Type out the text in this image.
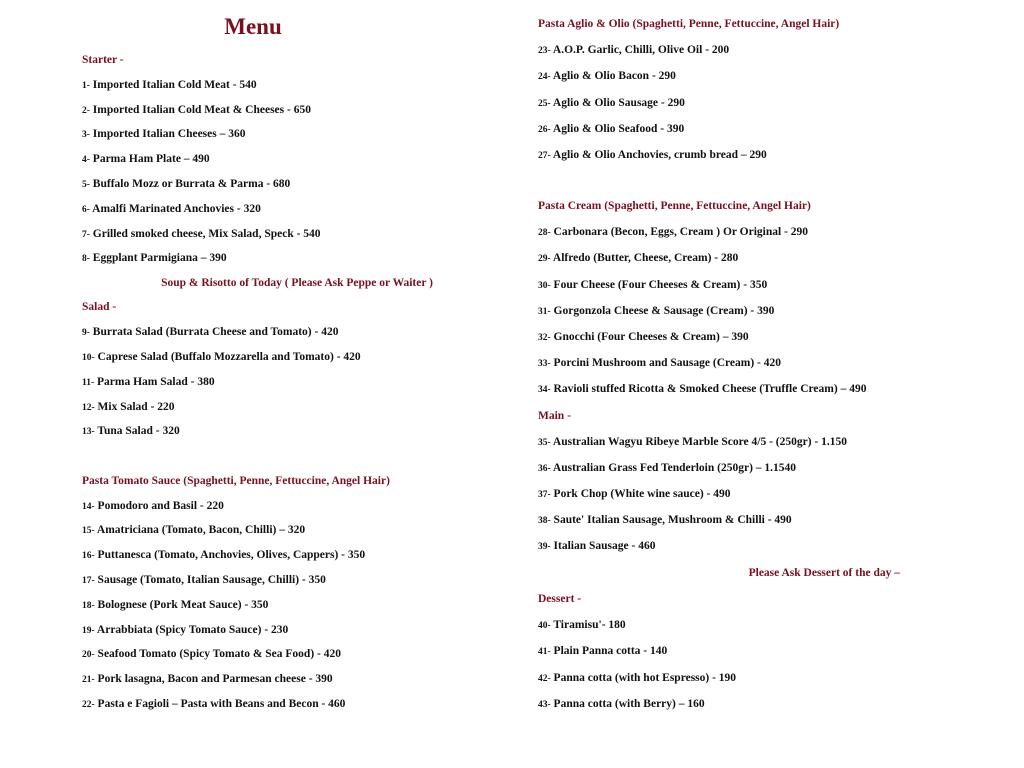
Menu
Starter -
1- Imported Italian Cold Meat - 540
2- Imported Italian Cold Meat & Cheeses - 650
3- Imported Italian Cheeses – 360
4- Parma Ham Plate – 490
5- Buffalo Mozz or Burrata & Parma - 680
6- Amalfi Marinated Anchovies - 320
7- Grilled smoked cheese, Mix Salad, Speck - 540
8- Eggplant Parmigiana – 390
Soup & Risotto of Today ( Please Ask Peppe or Waiter )
Salad -
9- Burrata Salad (Burrata Cheese and Tomato) - 420
10- Caprese Salad (Buffalo Mozzarella and Tomato) - 420
11- Parma Ham Salad - 380
12- Mix Salad - 220
13- Tuna Salad - 320
Pasta Tomato Sauce (Spaghetti, Penne, Fettuccine, Angel Hair)
14- Pomodoro and Basil - 220
15- Amatriciana (Tomato, Bacon, Chilli) – 320
16- Puttanesca (Tomato, Anchovies, Olives, Cappers) - 350
17- Sausage (Tomato, Italian Sausage, Chilli) - 350
18- Bolognese (Pork Meat Sauce) - 350
19- Arrabbiata (Spicy Tomato Sauce) - 230
20- Seafood Tomato (Spicy Tomato & Sea Food) - 420
21- Pork lasagna, Bacon and Parmesan cheese - 390
22- Pasta e Fagioli – Pasta with Beans and Becon - 460
Pasta Aglio & Olio (Spaghetti, Penne, Fettuccine, Angel Hair)
23- A.O.P. Garlic, Chilli, Olive Oil - 200
24- Aglio & Olio Bacon - 290
25- Aglio & Olio Sausage - 290
26- Aglio & Olio Seafood - 390
27- Aglio & Olio Anchovies, crumb bread – 290
Pasta Cream (Spaghetti, Penne, Fettuccine, Angel Hair)
28- Carbonara (Becon, Eggs, Cream ) Or Original - 290
29- Alfredo (Butter, Cheese, Cream) - 280
30- Four Cheese (Four Cheeses & Cream) - 350
31- Gorgonzola Cheese & Sausage (Cream) - 390
32- Gnocchi (Four Cheeses & Cream) – 390
33- Porcini Mushroom and Sausage (Cream) - 420
34- Ravioli stuffed Ricotta & Smoked Cheese (Truffle Cream) – 490
Main -
35- Australian Wagyu Ribeye Marble Score 4/5 - (250gr) - 1.150
36- Australian Grass Fed Tenderloin (250gr) – 1.1540
37- Pork Chop (White wine sauce) - 490
38- Saute' Italian Sausage, Mushroom & Chilli - 490
39- Italian Sausage - 460
Please Ask Dessert of the day –
Dessert -
40- Tiramisu'- 180
41- Plain Panna cotta - 140
42- Panna cotta (with hot Espresso) - 190
43- Panna cotta (with Berry) – 160
